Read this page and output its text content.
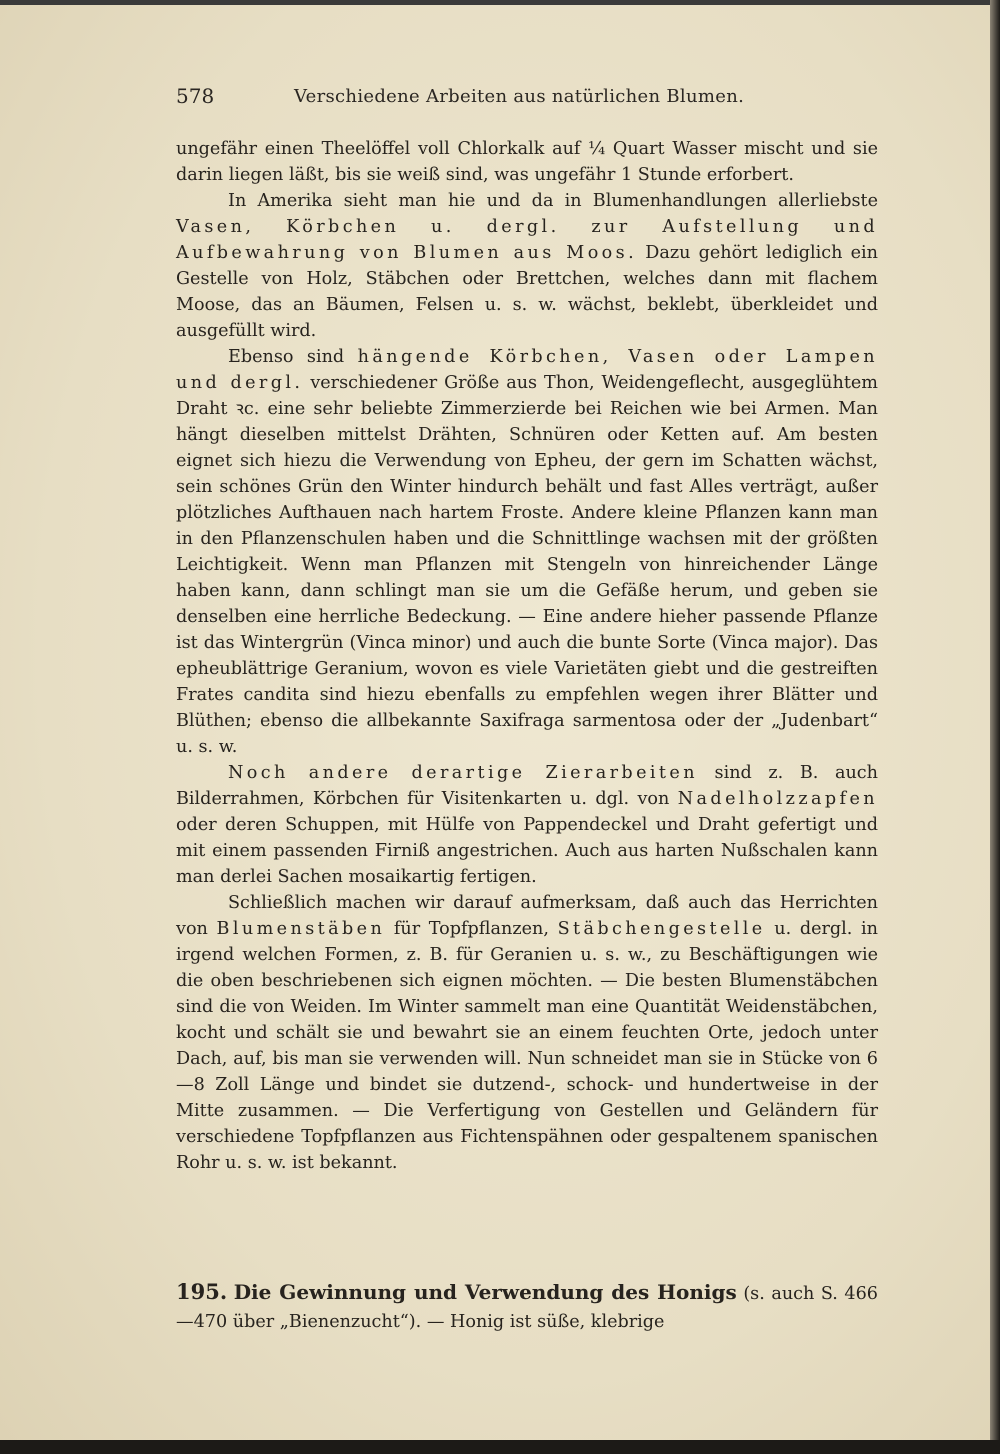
578	Verschiedene Arbeiten aus natürlichen Blumen.

ungefähr einen Theelöffel voll Chlorkalk auf ¼ Quart Wasser mischt und sie darin liegen läßt, bis sie weiß sind, was ungefähr 1 Stunde erforbert.

In Amerika sieht man hie und da in Blumenhandlungen allerliebste Vasen, Körbchen u. dergl. zur Aufstellung und Aufbewahrung von Blumen aus Moos. Dazu gehört lediglich ein Gestelle von Holz, Stäbchen oder Brettchen, welches dann mit flachem Moose, das an Bäumen, Felsen u. s. w. wächst, beklebt, überkleidet und ausgefüllt wird.

Ebenso sind hängende Körbchen, Vasen oder Lampen und dergl. verschiedener Größe aus Thon, Weidengeflecht, ausgeglühtem Draht ꝛc. eine sehr beliebte Zimmerzierde bei Reichen wie bei Armen. Man hängt dieselben mittelst Drähten, Schnüren oder Ketten auf. Am besten eignet sich hiezu die Verwendung von Epheu, der gern im Schatten wächst, sein schönes Grün den Winter hindurch behält und fast Alles verträgt, außer plötzliches Aufthauen nach hartem Froste. Andere kleine Pflanzen kann man in den Pflanzenschulen haben und die Schnittlinge wachsen mit der größten Leichtigkeit. Wenn man Pflanzen mit Stengeln von hinreichender Länge haben kann, dann schlingt man sie um die Gefäße herum, und geben sie denselben eine herrliche Bedeckung. — Eine andere hieher passende Pflanze ist das Wintergrün (Vinca minor) und auch die bunte Sorte (Vinca major). Das epheublättrige Geranium, wovon es viele Varietäten giebt und die gestreiften Frates candita sind hiezu ebenfalls zu empfehlen wegen ihrer Blätter und Blüthen; ebenso die allbekannte Saxifraga sarmentosa oder der „Judenbart“ u. s. w.

Noch andere derartige Zierarbeiten sind z. B. auch Bilderrahmen, Körbchen für Visitenkarten u. dgl. von Nadelholzzapfen oder deren Schuppen, mit Hülfe von Pappendeckel und Draht gefertigt und mit einem passenden Firniß angestrichen. Auch aus harten Nußschalen kann man derlei Sachen mosaikartig fertigen.

Schließlich machen wir darauf aufmerksam, daß auch das Herrichten von Blumenstäben für Topfpflanzen, Stäbchengestelle u. dergl. in irgend welchen Formen, z. B. für Geranien u. s. w., zu Beschäftigungen wie die oben beschriebenen sich eignen möchten. — Die besten Blumenstäbchen sind die von Weiden. Im Winter sammelt man eine Quantität Weidenstäbchen, kocht und schält sie und bewahrt sie an einem feuchten Orte, jedoch unter Dach, auf, bis man sie verwenden will. Nun schneidet man sie in Stücke von 6—8 Zoll Länge und bindet sie dutzend-, schock- und hundertweise in der Mitte zusammen. — Die Verfertigung von Gestellen und Geländern für verschiedene Topfpflanzen aus Fichtenspähnen oder gespaltenem spanischen Rohr u. s. w. ist bekannt.

195. Die Gewinnung und Verwendung des Honigs (s. auch S. 466—470 über „Bienenzucht“). — Honig ist süße, klebrige
